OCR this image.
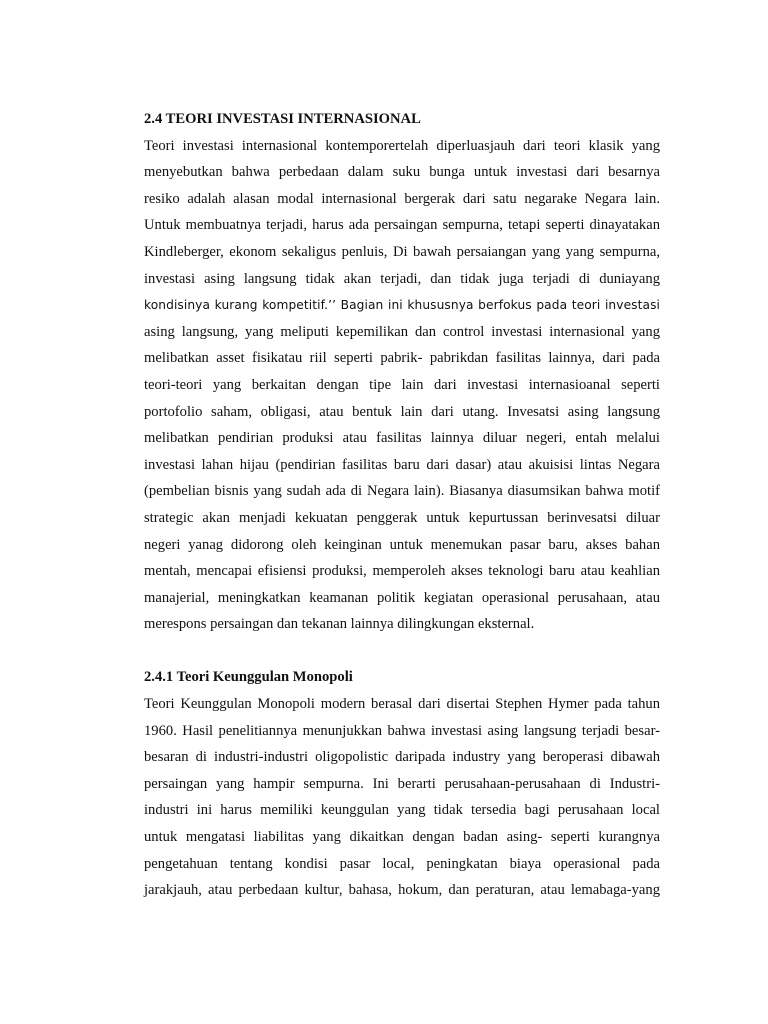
2.4 TEORI INVESTASI INTERNASIONAL

Teori investasi internasional kontemporertelah diperluasjauh dari teori klasik yang
menyebutkan bahwa perbedaan dalam suku bunga untuk investasi dari besarnya
resiko adalah alasan modal internasional bergerak dari satu negarake Negara lain.
Untuk membuatnya terjadi, harus ada persaingan sempurna, tetapi seperti dinayatakan
Kindleberger, ekonom sekaligus penluis, Di bawah persaiangan yang yang sempurna,
investasi asing langsung tidak akan terjadi, dan tidak juga terjadi di duniayang
kondisinya kurang kompetitif.’’ Bagian ini khususnya berfokus pada teori investasi
asing langsung, yang meliputi kepemilikan dan control investasi internasional yang
melibatkan asset fisikatau riil seperti pabrik- pabrikdan fasilitas lainnya, dari pada
teori-teori yang berkaitan dengan tipe lain dari investasi internasioanal seperti
portofolio saham, obligasi, atau bentuk lain dari utang. Invesatsi asing langsung
melibatkan pendirian produksi atau fasilitas lainnya diluar negeri, entah melalui
investasi lahan hijau (pendirian fasilitas baru dari dasar) atau akuisisi lintas Negara
(pembelian bisnis yang sudah ada di Negara lain). Biasanya diasumsikan bahwa motif
strategic akan menjadi kekuatan penggerak untuk kepurtussan berinvesatsi diluar
negeri yanag didorong oleh keinginan untuk menemukan pasar baru, akses bahan
mentah, mencapai efisiensi produksi, memperoleh akses teknologi baru atau keahlian
manajerial, meningkatkan keamanan politik kegiatan operasional perusahaan, atau
merespons persaingan dan tekanan lainnya dilingkungan eksternal.

2.4.1 Teori Keunggulan Monopoli

Teori Keunggulan Monopoli modern berasal dari disertai Stephen Hymer pada tahun
1960. Hasil penelitiannya menunjukkan bahwa investasi asing langsung terjadi besar-
besaran di industri-industri oligopolistic daripada industry yang beroperasi dibawah
persaingan yang hampir sempurna. Ini berarti perusahaan-perusahaan di Industri-
industri ini harus memiliki keunggulan yang tidak tersedia bagi perusahaan local
untuk mengatasi liabilitas yang dikaitkan dengan badan asing- seperti kurangnya
pengetahuan tentang kondisi pasar local, peningkatan biaya operasional pada
jarakjauh, atau perbedaan kultur, bahasa, hokum, dan peraturan, atau lemabaga-yang
